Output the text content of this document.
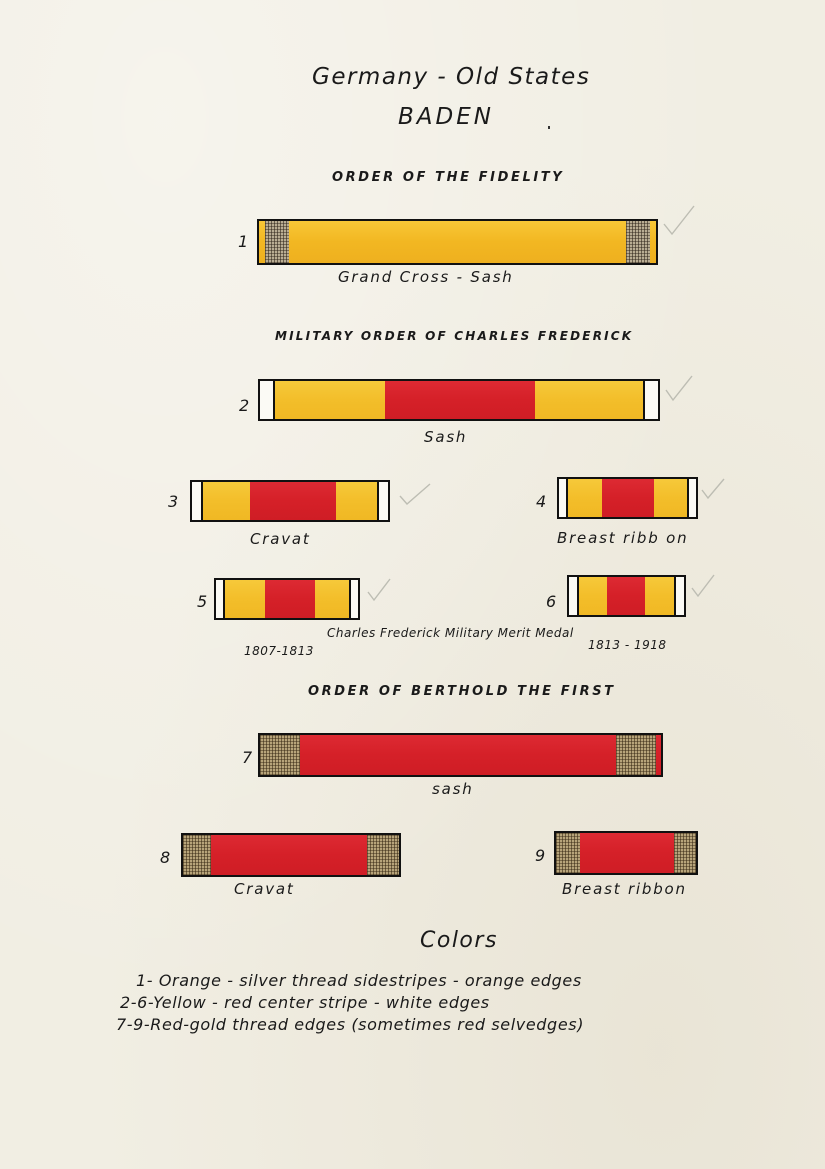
Germany - Old States
BADEN
ORDER OF THE FIDELITY
1
Grand Cross - Sash
MILITARY ORDER OF CHARLES FREDERICK
2
Sash
3
Cravat
4
Breast ribb on
5	6
Charles Frederick Military Merit Medal
1807-1813	1813 - 1918
ORDER OF BERTHOLD THE FIRST
7
sash
8
Cravat
9
Breast ribbon
Colors
1- Orange - silver thread sidestripes - orange edges
2-6-Yellow - red center stripe - white edges
7-9-Red-gold thread edges (sometimes red selvedges)
